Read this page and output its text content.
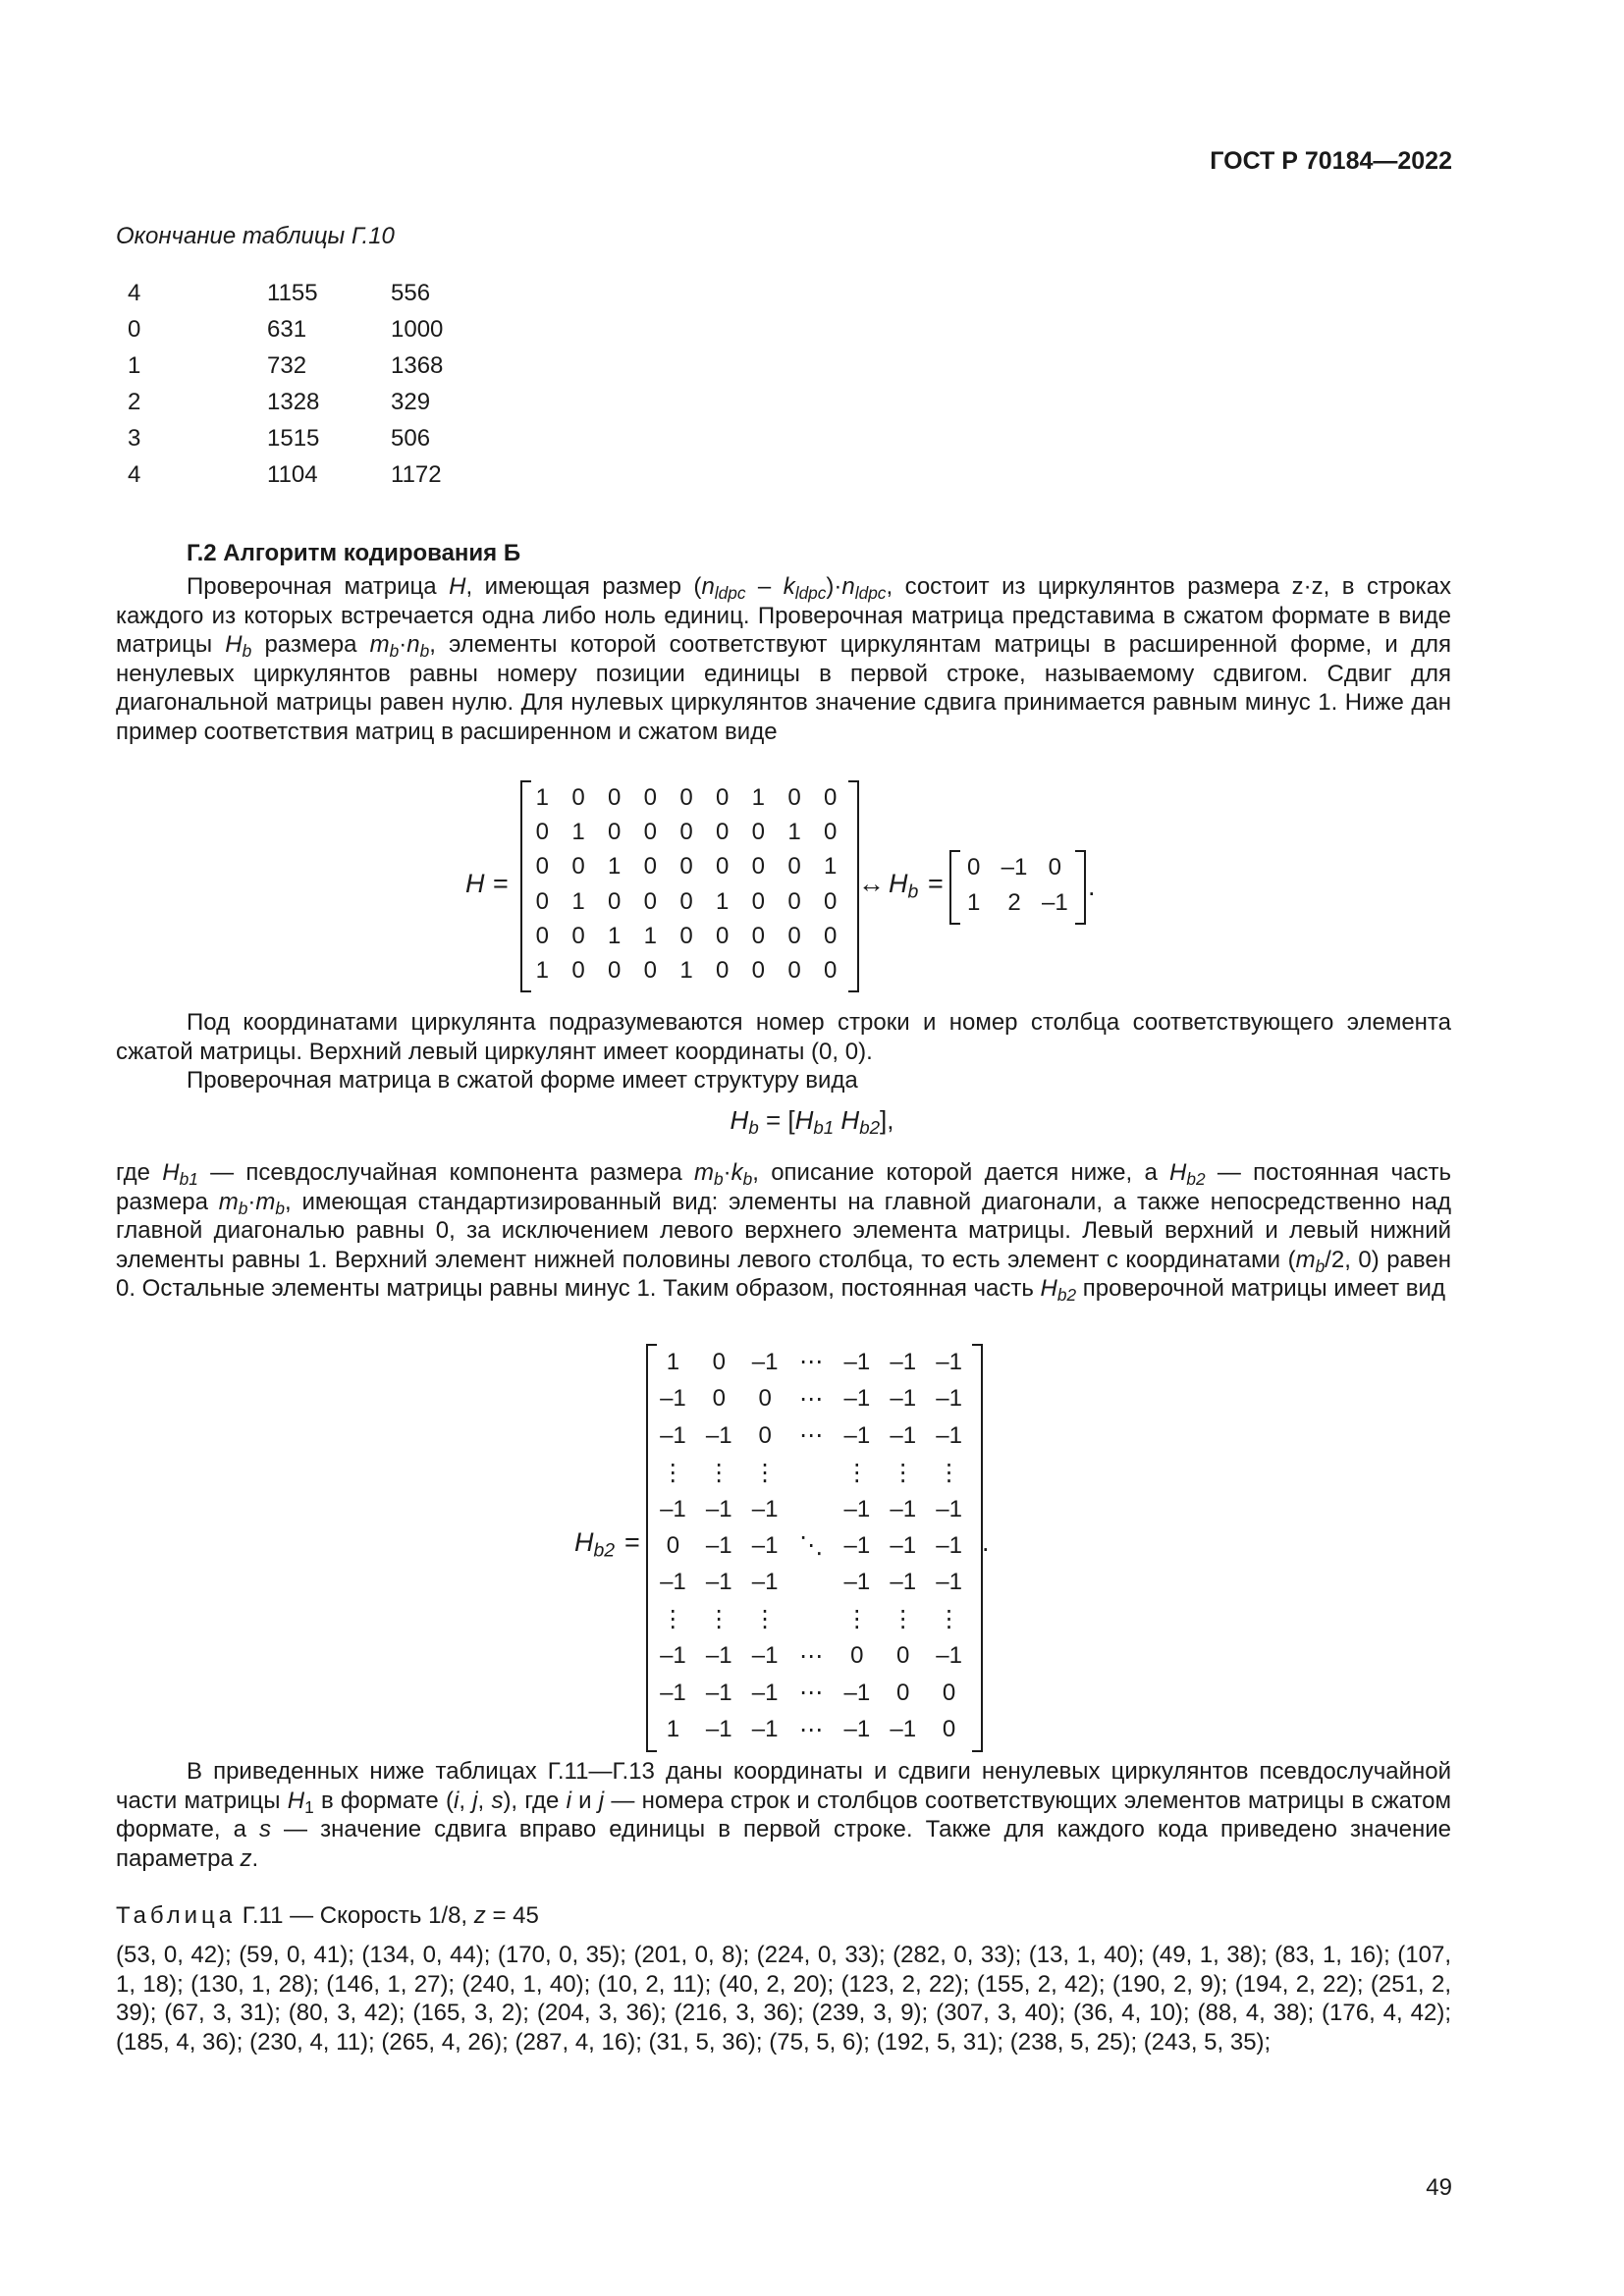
ГОСТ Р 70184—2022
Окончание таблицы Г.10
4	1155	556
0	631	1000
1	732	1368
2	1328	329
3	1515	506
4	1104	1172
Г.2 Алгоритм кодирования Б

Проверочная матрица H, имеющая размер $(n_{ldpc} - k_{ldpc})\cdot n_{ldpc}$, состоит из циркулянтов размера z·z, в строках каждого из которых встречается одна либо ноль единиц. Проверочная матрица представима в сжатом формате в виде матрицы $H_b$ размера $m_b\cdot n_b$, элементы которой соответствуют циркулянтам матрицы в расширенной форме, и для ненулевых циркулянтов равны номеру позиции единицы в первой строке, называемому сдвигом. Сдвиг для диагональной матрицы равен нулю. Для нулевых циркулянтов значение сдвига принимается равным минус 1. Ниже дан пример соответствия матриц в расширенном и сжатом виде

H =
1 0 0 0 0 0 1 0 0
0 1 0 0 0 0 0 1 0
0 0 1 0 0 0 0 0 1
0 1 0 0 0 1 0 0 0
0 0 1 1 0 0 0 0 0
1 0 0 0 1 0 0 0 0
↔ $H_b$ =
0 –1 0
1	2 –1
.

Под координатами циркулянта подразумеваются номер строки и номер столбца соответствующего элемента сжатой матрицы. Верхний левый циркулянт имеет координаты (0, 0).

Проверочная матрица в сжатой форме имеет структуру вида

$H_b = [H_{b1}$ $H_{b2}$],

где $H_{b1}$ — псевдослучайная компонента размера $m_b\cdot k_b$, описание которой дается ниже, а $H_{b2}$ — постоянная часть размера $m_b\cdot m_b$, имеющая стандартизированный вид: элементы на главной диагонали, а также непосредственно над главной диагональю равны 0, за исключением левого верхнего элемента матрицы. Левый верхний и левый нижний элементы равны 1. Верхний элемент нижней половины левого столбца, то есть элемент с координатами ($m_b/2$, 0) равен 0. Остальные элементы матрицы равны минус 1. Таким образом, постоянная часть $H_{b2}$ проверочной матрицы имеет вид

$H_{b2}$ =
1	0	–1 ⋯ –1 –1 –1
–1	0	0	⋯ –1 –1 –1
–1 –1	0	⋯ –1 –1 –1
⋮ ⋮ ⋮	⋮ ⋮ ⋮
–1 –1 –1	–1 –1 –1
0	–1 –1 ⋱ –1 –1 –1
–1 –1 –1	–1 –1 –1
⋮ ⋮ ⋮	⋮ ⋮ ⋮
–1 –1 –1 ⋯	0	0	–1
–1 –1 –1 ⋯ –1	0	0
1	–1 –1 ⋯ –1 –1	0
.

В приведенных ниже таблицах Г.11—Г.13 даны координаты и сдвиги ненулевых циркулянтов псевдослучайной части матрицы $H_1$ в формате (i, j, s), где i и j — номера строк и столбцов соответствующих элементов матрицы в сжатом формате, а s — значение сдвига вправо единицы в первой строке. Также для каждого кода приведено значение параметра z.

Таблица Г.11 — Скорость 1/8, z = 45

(53, 0, 42); (59, 0, 41); (134, 0, 44); (170, 0, 35); (201, 0, 8); (224, 0, 33); (282, 0, 33); (13, 1, 40); (49, 1, 38); (83, 1, 16); (107, 1, 18); (130, 1, 28); (146, 1, 27); (240, 1, 40); (10, 2, 11); (40, 2, 20); (123, 2, 22); (155, 2, 42); (190, 2, 9); (194, 2, 22); (251, 2, 39); (67, 3, 31); (80, 3, 42); (165, 3, 2); (204, 3, 36); (216, 3, 36); (239, 3, 9); (307, 3, 40); (36, 4, 10); (88, 4, 38); (176, 4, 42); (185, 4, 36); (230, 4, 11); (265, 4, 26); (287, 4, 16); (31, 5, 36); (75, 5, 6); (192, 5, 31); (238, 5, 25); (243, 5, 35);

49
